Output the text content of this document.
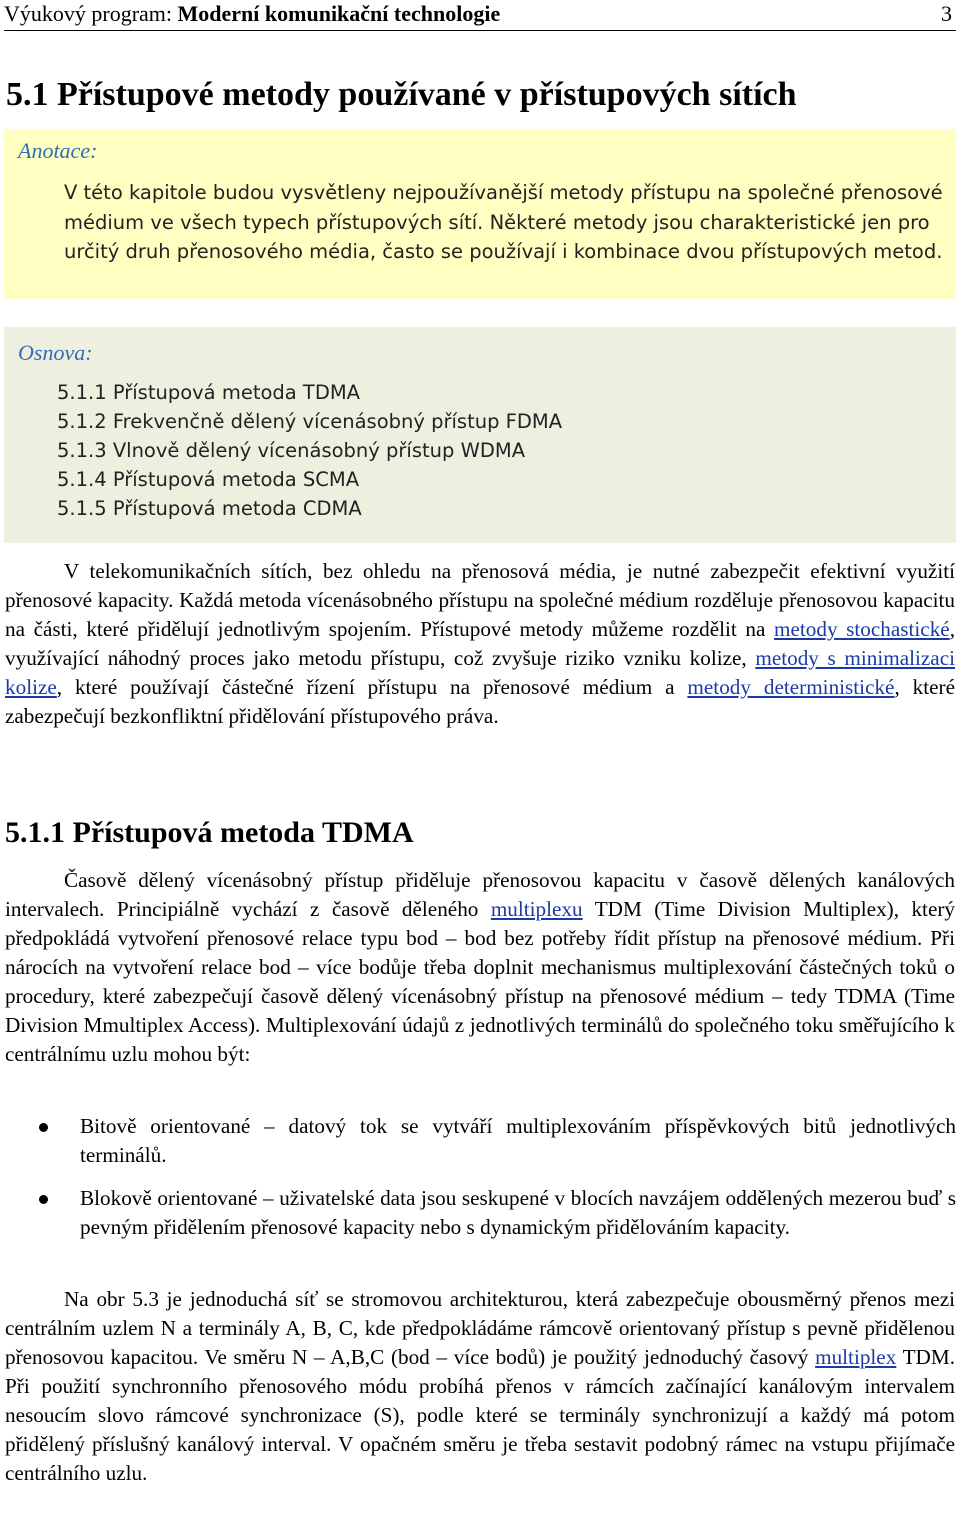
Výukový program: Moderní komunikační technologie	3
5.1 Přístupové metody používané v přístupových sítích
Anotace:
V této kapitole budou vysvětleny nejpoužívanější metody přístupu na společné přenosové médium ve všech typech přístupových sítí. Některé metody jsou charakteristické jen pro určitý druh přenosového média, často se používají i kombinace dvou přístupových metod.
Osnova:
5.1.1 Přístupová metoda TDMA
5.1.2 Frekvenčně dělený vícenásobný přístup FDMA
5.1.3 Vlnově dělený vícenásobný přístup WDMA
5.1.4 Přístupová metoda SCMA
5.1.5 Přístupová metoda CDMA

V telekomunikačních sítích, bez ohledu na přenosová média, je nutné zabezpečit efektivní využití přenosové kapacity. Každá metoda vícenásobného přístupu na společné médium rozděluje přenosovou kapacitu na části, které přidělují jednotlivým spojením. Přístupové metody můžeme rozdělit na metody stochastické, využívající náhodný proces jako metodu přístupu, což zvyšuje riziko vzniku kolize, metody s minimalizaci kolize, které používají částečné řízení přístupu na přenosové médium a metody deterministické, které zabezpečují bezkonfliktní přidělování přístupového práva.

5.1.1 Přístupová metoda TDMA

Časově dělený vícenásobný přístup přiděluje přenosovou kapacitu v časově dělených kanálových intervalech. Principiálně vychází z časově děleného multiplexu TDM (Time Division Multiplex), který předpokládá vytvoření přenosové relace typu bod – bod bez potřeby řídit přístup na přenosové médium. Při nárocích na vytvoření relace bod – více bodůje třeba doplnit mechanismus multiplexování částečných toků o procedury, které zabezpečují časově dělený vícenásobný přístup na přenosové médium – tedy TDMA (Time Division Mmultiplex Access). Multiplexování údajů z jednotlivých terminálů do společného toku směřujícího k centrálnímu uzlu mohou být:

Bitově orientované – datový tok se vytváří multiplexováním příspěvkových bitů jednotlivých terminálů.

Blokově orientované – uživatelské data jsou seskupené v blocích navzájem oddělených mezerou buď s pevným přidělením přenosové kapacity nebo s dynamickým přidělováním kapacity.

Na obr 5.3 je jednoduchá síť se stromovou architekturou, která zabezpečuje obousměrný přenos mezi centrálním uzlem N a terminály A, B, C, kde předpokládáme rámcově orientovaný přístup s pevně přidělenou přenosovou kapacitou. Ve směru N – A,B,C (bod – více bodů) je použitý jednoduchý časový multiplex TDM. Při použití synchronního přenosového módu probíhá přenos v rámcích začínající kanálovým intervalem nesoucím slovo rámcové synchronizace (S), podle které se terminály synchronizují a každý má potom přidělený příslušný kanálový interval. V opačném směru je třeba sestavit podobný rámec na vstupu přijímače centrálního uzlu.
